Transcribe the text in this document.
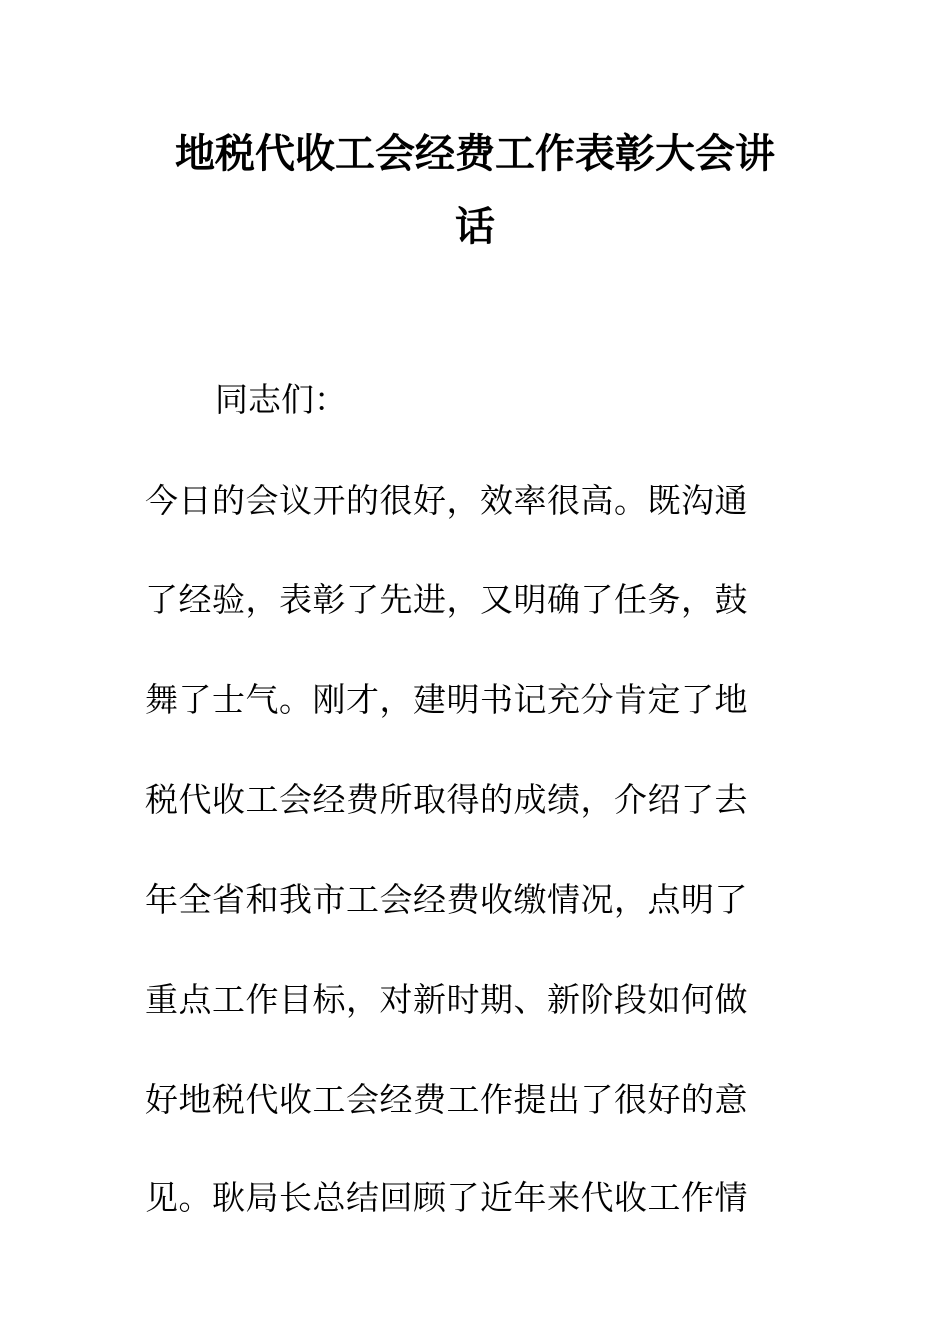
地税代收工会经费工作表彰大会讲
话
同志们：
今日的会议开的很好，效率很高。既沟通
了经验，表彰了先进，又明确了任务，鼓
舞了士气。刚才，建明书记充分肯定了地
税代收工会经费所取得的成绩，介绍了去
年全省和我市工会经费收缴情况，点明了
重点工作目标，对新时期、新阶段如何做
好地税代收工会经费工作提出了很好的意
见。耿局长总结回顾了近年来代收工作情
